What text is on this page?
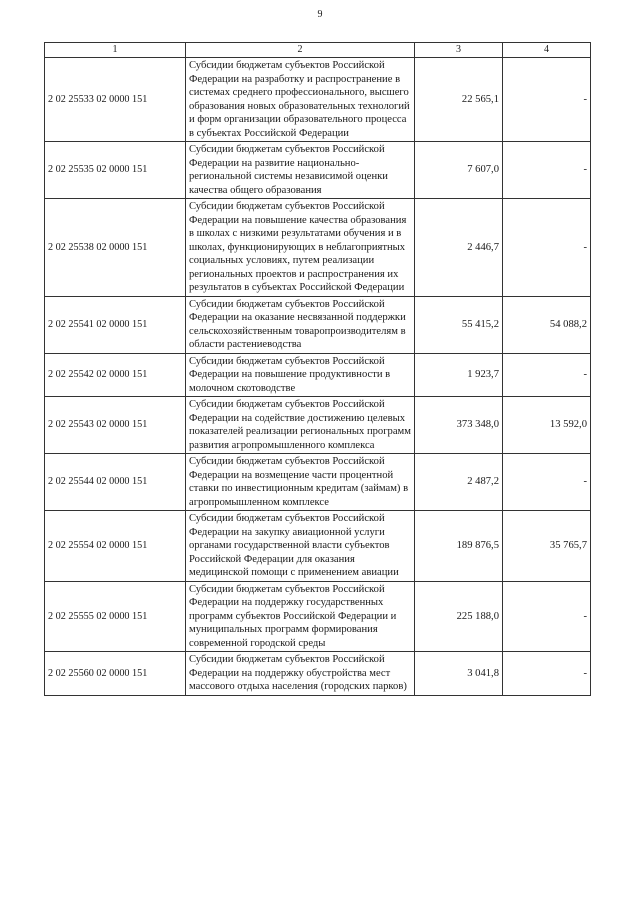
9
1	2	3	4
2 02 25533 02 0000 151	Субсидии бюджетам субъектов Российской Федерации на разработку и распространение в системах среднего профессионального, высшего образования новых образовательных технологий и форм организации образовательного процесса в субъектах Российской Федерации	22 565,1	-
2 02 25535 02 0000 151	Субсидии бюджетам субъектов Российской Федерации на развитие национально-региональной системы независимой оценки качества общего образования	7 607,0	-
2 02 25538 02 0000 151	Субсидии бюджетам субъектов Российской Федерации на повышение качества образования в школах с низкими результатами обучения и в школах, функционирующих в неблагоприятных социальных условиях, путем реализации региональных проектов и распространения их результатов в субъектах Российской Федерации	2 446,7	-
2 02 25541 02 0000 151	Субсидии бюджетам субъектов Российской Федерации на оказание несвязанной поддержки сельскохозяйственным товаропроизводителям в области растениеводства	55 415,2	54 088,2
2 02 25542 02 0000 151	Субсидии бюджетам субъектов Российской Федерации на повышение продуктивности в молочном скотоводстве	1 923,7	-
2 02 25543 02 0000 151	Субсидии бюджетам субъектов Российской Федерации на содействие достижению целевых показателей реализации региональных программ развития агропромышленного комплекса	373 348,0	13 592,0
2 02 25544 02 0000 151	Субсидии бюджетам субъектов Российской Федерации на возмещение части процентной ставки по инвестиционным кредитам (займам) в агропромышленном комплексе	2 487,2	-
2 02 25554 02 0000 151	Субсидии бюджетам субъектов Российской Федерации на закупку авиационной услуги органами государственной власти субъектов Российской Федерации для оказания медицинской помощи с применением авиации	189 876,5	35 765,7
2 02 25555 02 0000 151	Субсидии бюджетам субъектов Российской Федерации на поддержку государственных программ субъектов Российской Федерации и муниципальных программ формирования современной городской среды	225 188,0	-
2 02 25560 02 0000 151	Субсидии бюджетам субъектов Российской Федерации на поддержку обустройства мест массового отдыха населения (городских парков)	3 041,8	-
